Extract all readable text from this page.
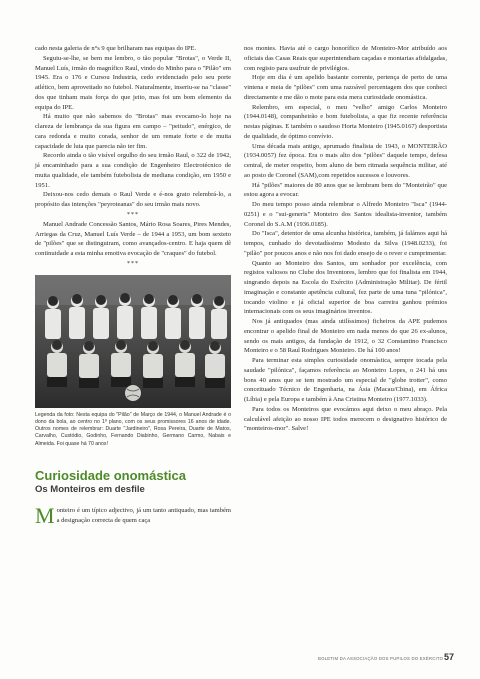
cado nesta galeria de n°s 9 que brilharam nas equipas do IPE.

Seguiu-se-lhe, se bem me lembro, o tão popular "Brotas", o Verde II, Manuel Luís, irmão do magnífico Raul, vindo do Minho para o "Pilão" em 1945. Era o 176 e Cursou Industria, cedo evidenciado pelo seu porte atlético, bem aproveitado no futebol. Naturalmente, inseriu-se na "classe" dos que tinham mais força do que jeito, mas foi um bom elemento da equipa do IPE.

Há muito que não sabemos do "Brotas" mas evocamo-lo hoje na clareza de lembrança da sua figura em campo – "peitudo", enérgico, de cara redonda e muito corada, senhor de um remate forte e de muita capacidade de luta que parecia não ter fim.

Recordo ainda o tão visível orgulho do seu irmão Raul, o 322 de 1942, já encaminhado para a sua condição de Engenheiro Electrotécnico de muita qualidade, ele também futebolista de mediana condição, em 1950 e 1951.

Deixou-nos cedo demais o Raul Verde e é-nos grato relembrá-lo, a propósito das intenções "peyroteanas" do seu irmão mais novo.

***

Manuel Andrade Concessão Santos, Mário Rosa Soares, Pires Mendes, Arriegas da Cruz, Manuel Luís Verde – de 1944 a 1953, um bom sexteto de "pilões" que se distinguiram, como avançados-centro. E haja quem dê continuidade a esta minha emotiva evocação de "craques" do futebol.

***
Legenda da foto: Nesta equipa do "Pilão" de Março de 1944, o Manuel Andrade é o dono da bola, ao centro no 1º plano, com os seus promissores 16 anos de idade. Outros nomes de relembrar: Duarte "Jardineiro", Rosa Pereira, Duarte de Matos, Carvalho, Custódio, Godinho, Fernando Diabinho, Germano Carmo, Nabais e Almeida. Foi quase há 70 anos!
Curiosidade onomástica
Os Monteiros em desfile

Monteiro é um típico adjectivo, já um tanto antiquado, mas também a designação correcta de quem caça

nos montes. Havia até o cargo honorífico de Monteiro-Mor atribuído aos oficiais das Casas Reais que superintendiam caçadas e montarias afidalgadas, com registo para usufruir de privilégios.

Hoje em dia é um apelido bastante corrente, pertença de perto de uma vintena e meia de "pilões" com uma razoável percentagem dos que conheci directamente e me dão o mote para esta mera curiosidade onomástica.

Relembro, em especial, o meu "velho" amigo Carlos Monteiro (1944.0148), companheirão e bom futebolista, a que fiz recente referência nestas páginas. E também o saudoso Horta Monteiro (1945.0167) desportista de qualidade, de óptimo convívio.

Uma década mais antigo, aprumado finalista de 1943, o MONTEIRÃO (1934.0057) fez época. Era o mais alto dos "pilões" daquele tempo, defesa central, de meter respeito, bom aluno de bem ritmada sequência militar, até ao posto de Coronel (SAM),com repetidos sucessos e louvores.

Há "pilões" maiores de 80 anos que se lembram bem do "Monteirão" que estou agora a evocar.

Do meu tempo posso ainda relembrar o Alfredo Monteiro "Isca" (1944-0251) e o "sui-generis" Monteiro dos Santos idealista-inventor, também Coronel do S.A.M (1936.0185).

Do "Isca", detentor de uma alcunha histórica, também, já falámos aqui há tempos, cunhado do devotadíssimo Modesto da Silva (1948.0233), foi "pilão" por poucos anos e não nos foi dado ensejo de o rever e cumprimentar.

Quanto ao Monteiro dos Santos, um sonhador por excelência, com registos valiosos no Clube dos Inventores, lembro que foi finalista em 1944, singrando depois na Escola do Exército (Administração Militar). De fértil imaginação e constante apetência cultural, fez parte de uma tuna "pilónica", tocando violino e já oficial superior de boa carreira ganhou prémios internacionais com os seus imaginários inventos.

Nos já antiquados (mas ainda utilíssimos) ficheiros da APE pudemos encontrar o apelido final de Monteiro em nada menos do que 26 ex-alunos, sendo os mais antigos, da fundação de 1912, o 32 Constantino Francisco Monteiro e o 58 Raul Rodrigues Monteiro. De há 100 anos!

Para terminar esta simples curiosidade onomástica, sempre tocada pela saudade "pilónica", façamos referência ao Monteiro Lopes, o 241 há uns bons 40 anos que se tem mostrado um especial de "globe trotter", como conceituado Técnico de Engenharia, na Ásia (Macau/China), em África (Líbia) e pela Europa e também à Ana Cristina Monteiro (1977.1033).

Para todos os Monteiros que evocámos aqui deixo o meu abraço. Pela calculável afeição ao nosso IPE todos merecem o designativo histórico de "monteiros-mor". Salve!

BOLETIM DA ASSOCIAÇÃO DOS PUPILOS DO EXÉRCITO 57
